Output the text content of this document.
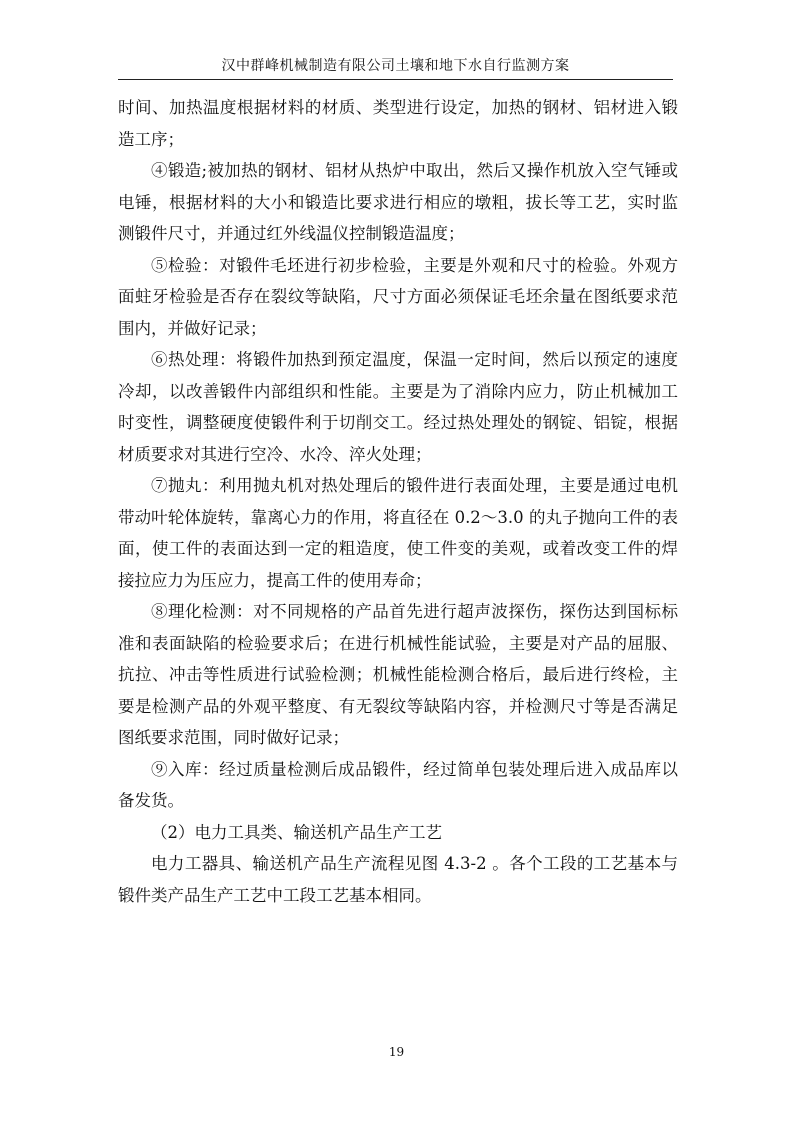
汉中群峰机械制造有限公司土壤和地下水自行监测方案

时间、加热温度根据材料的材质、类型进行设定，加热的钢材、铝材进入锻造工序；

④锻造;被加热的钢材、铝材从热炉中取出，然后又操作机放入空气锤或电锤，根据材料的大小和锻造比要求进行相应的墩粗，拔长等工艺，实时监测锻件尺寸，并通过红外线温仪控制锻造温度；

⑤检验：对锻件毛坯进行初步检验，主要是外观和尺寸的检验。外观方面蛀牙检验是否存在裂纹等缺陷，尺寸方面必须保证毛坯余量在图纸要求范围内，并做好记录；

⑥热处理：将锻件加热到预定温度，保温一定时间，然后以预定的速度冷却，以改善锻件内部组织和性能。主要是为了消除内应力，防止机械加工时变性，调整硬度使锻件利于切削交工。经过热处理处的钢锭、铝锭，根据材质要求对其进行空冷、水冷、淬火处理；

⑦抛丸：利用抛丸机对热处理后的锻件进行表面处理，主要是通过电机带动叶轮体旋转，靠离心力的作用，将直径在 0.2～3.0 的丸子抛向工件的表面，使工件的表面达到一定的粗造度，使工件变的美观，或着改变工件的焊接拉应力为压应力，提高工件的使用寿命；

⑧理化检测：对不同规格的产品首先进行超声波探伤，探伤达到国标标准和表面缺陷的检验要求后；在进行机械性能试验，主要是对产品的屈服、抗拉、冲击等性质进行试验检测；机械性能检测合格后，最后进行终检，主要是检测产品的外观平整度、有无裂纹等缺陷内容，并检测尺寸等是否满足图纸要求范围，同时做好记录；

⑨入库：经过质量检测后成品锻件，经过简单包装处理后进入成品库以备发货。

（2）电力工具类、输送机产品生产工艺

电力工器具、输送机产品生产流程见图 4.3-2 。各个工段的工艺基本与锻件类产品生产工艺中工段工艺基本相同。

19
